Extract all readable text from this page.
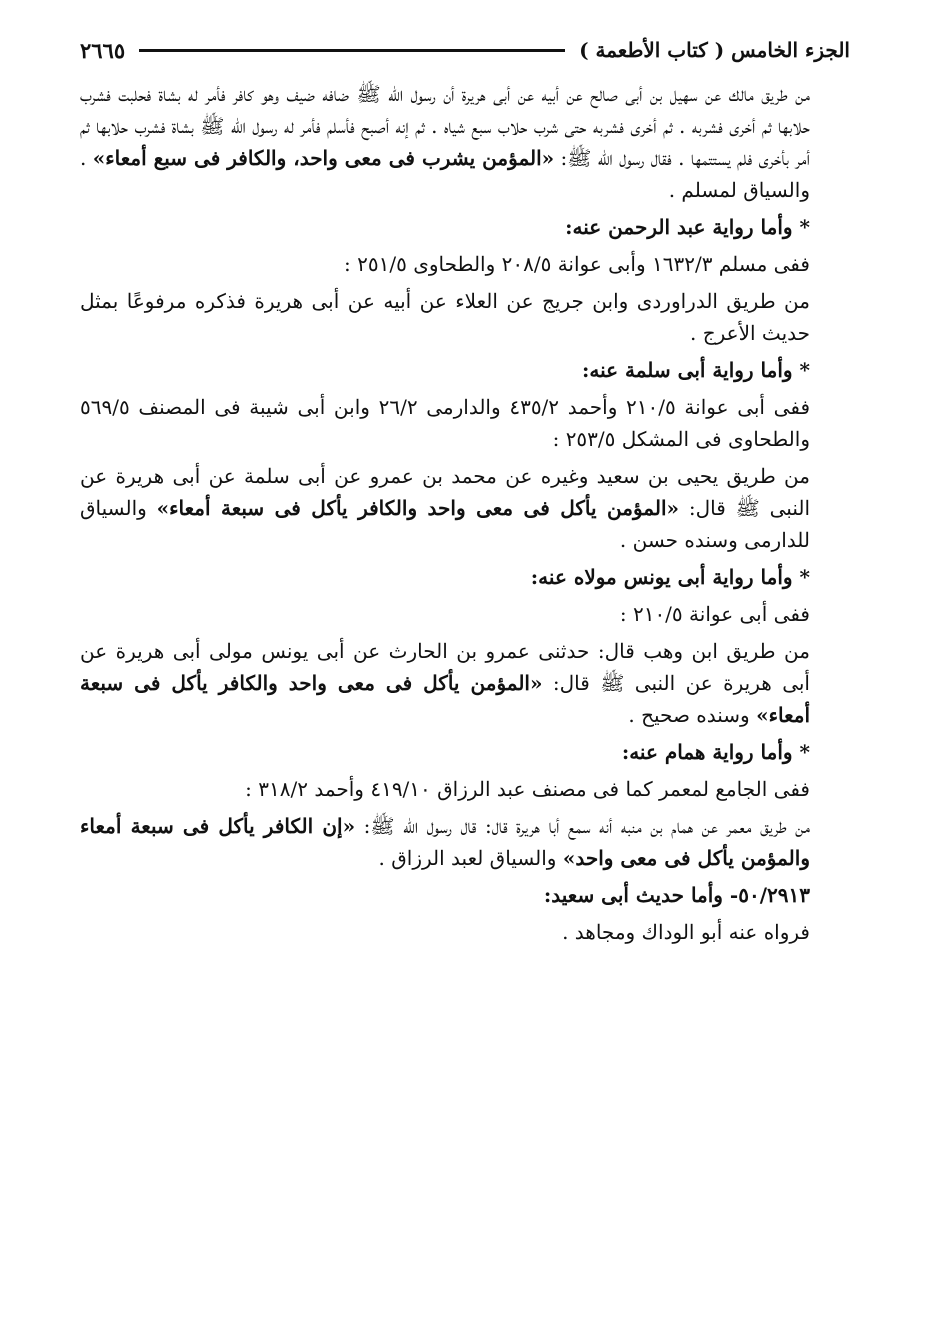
الجزء الخامس ( كتاب الأطعمة )
٢٦٦٥

من طريق مالك عن سهيل بن أبى صالح عن أبيه عن أبى هريرة أن رسول الله ﷺ ضافه ضيف وهو كافر فأمر له بشاة فحلبت فشرب حلابها ثم أخرى فشربه . ثم أخرى فشربه حتى شرب حلاب سبع شياه . ثم إنه أصبح فأسلم فأمر له رسول الله ﷺ بشاة فشرب حلابها ثم أمر بأخرى فلم يستتمها . فقال رسول الله ﷺ: «المؤمن يشرب فى معى واحد، والكافر فى سبع أمعاء» . والسياق لمسلم .

* وأما رواية عبد الرحمن عنه:

ففى مسلم ١٦٣٢/٣ وأبى عوانة ٢٠٨/٥ والطحاوى ٢٥١/٥ :

من طريق الدراوردى وابن جريج عن العلاء عن أبيه عن أبى هريرة فذكره مرفوعًا بمثل حديث الأعرج .

* وأما رواية أبى سلمة عنه:

ففى أبى عوانة ٢١٠/٥ وأحمد ٤٣٥/٢ والدارمى ٢٦/٢ وابن أبى شيبة فى المصنف ٥٦٩/٥ والطحاوى فى المشكل ٢٥٣/٥ :

من طريق يحيى بن سعيد وغيره عن محمد بن عمرو عن أبى سلمة عن أبى هريرة عن النبى ﷺ قال: «المؤمن يأكل فى معى واحد والكافر يأكل فى سبعة أمعاء» والسياق للدارمى وسنده حسن .

* وأما رواية أبى يونس مولاه عنه:

ففى أبى عوانة ٢١٠/٥ :

من طريق ابن وهب قال: حدثنى عمرو بن الحارث عن أبى يونس مولى أبى هريرة عن أبى هريرة عن النبى ﷺ قال: «المؤمن يأكل فى معى واحد والكافر يأكل فى سبعة أمعاء» وسنده صحيح .

* وأما رواية همام عنه:

ففى الجامع لمعمر كما فى مصنف عبد الرزاق ٤١٩/١٠ وأحمد ٣١٨/٢ :

من طريق معمر عن همام بن منبه أنه سمع أبا هريرة قال: قال رسول الله ﷺ: «إن الكافر يأكل فى سبعة أمعاء والمؤمن يأكل فى معى واحد» والسياق لعبد الرزاق .

٥٠/٢٩١٣- وأما حديث أبى سعيد:

فرواه عنه أبو الوداك ومجاهد .
